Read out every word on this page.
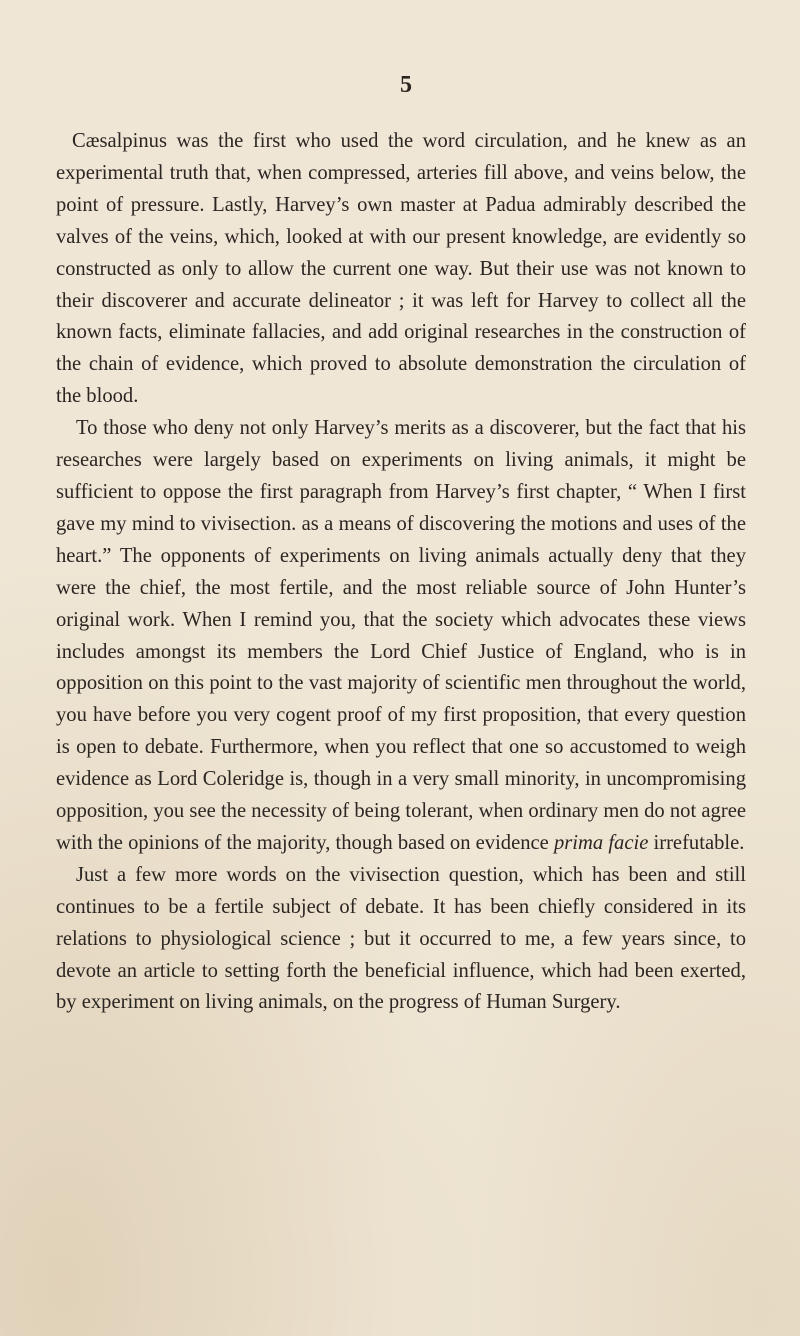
5

Cæsalpinus was the first who used the word circulation, and he knew as an experimental truth that, when compressed, arteries fill above, and veins below, the point of pressure. Lastly, Harvey’s own master at Padua admirably described the valves of the veins, which, looked at with our present knowledge, are evidently so constructed as only to allow the current one way. But their use was not known to their discoverer and accurate delineator ; it was left for Harvey to collect all the known facts, eliminate fallacies, and add original researches in the construction of the chain of evidence, which proved to absolute demonstration the circulation of the blood.

To those who deny not only Harvey’s merits as a discoverer, but the fact that his researches were largely based on experiments on living animals, it might be sufficient to oppose the first paragraph from Harvey’s first chapter, “ When I first gave my mind to vivisection. as a means of discovering the motions and uses of the heart.” The opponents of experiments on living animals actually deny that they were the chief, the most fertile, and the most reliable source of John Hunter’s original work. When I remind you, that the society which advocates these views includes amongst its members the Lord Chief Justice of England, who is in opposition on this point to the vast majority of scientific men throughout the world, you have before you very cogent proof of my first proposition, that every question is open to debate. Furthermore, when you reflect that one so accustomed to weigh evidence as Lord Coleridge is, though in a very small minority, in uncompromising opposition, you see the necessity of being tolerant, when ordinary men do not agree with the opinions of the majority, though based on evidence prima facie irrefutable.

Just a few more words on the vivisection question, which has been and still continues to be a fertile subject of debate. It has been chiefly considered in its relations to physiological science ; but it occurred to me, a few years since, to devote an article to setting forth the beneficial influence, which had been exerted, by experiment on living animals, on the progress of Human Surgery.
